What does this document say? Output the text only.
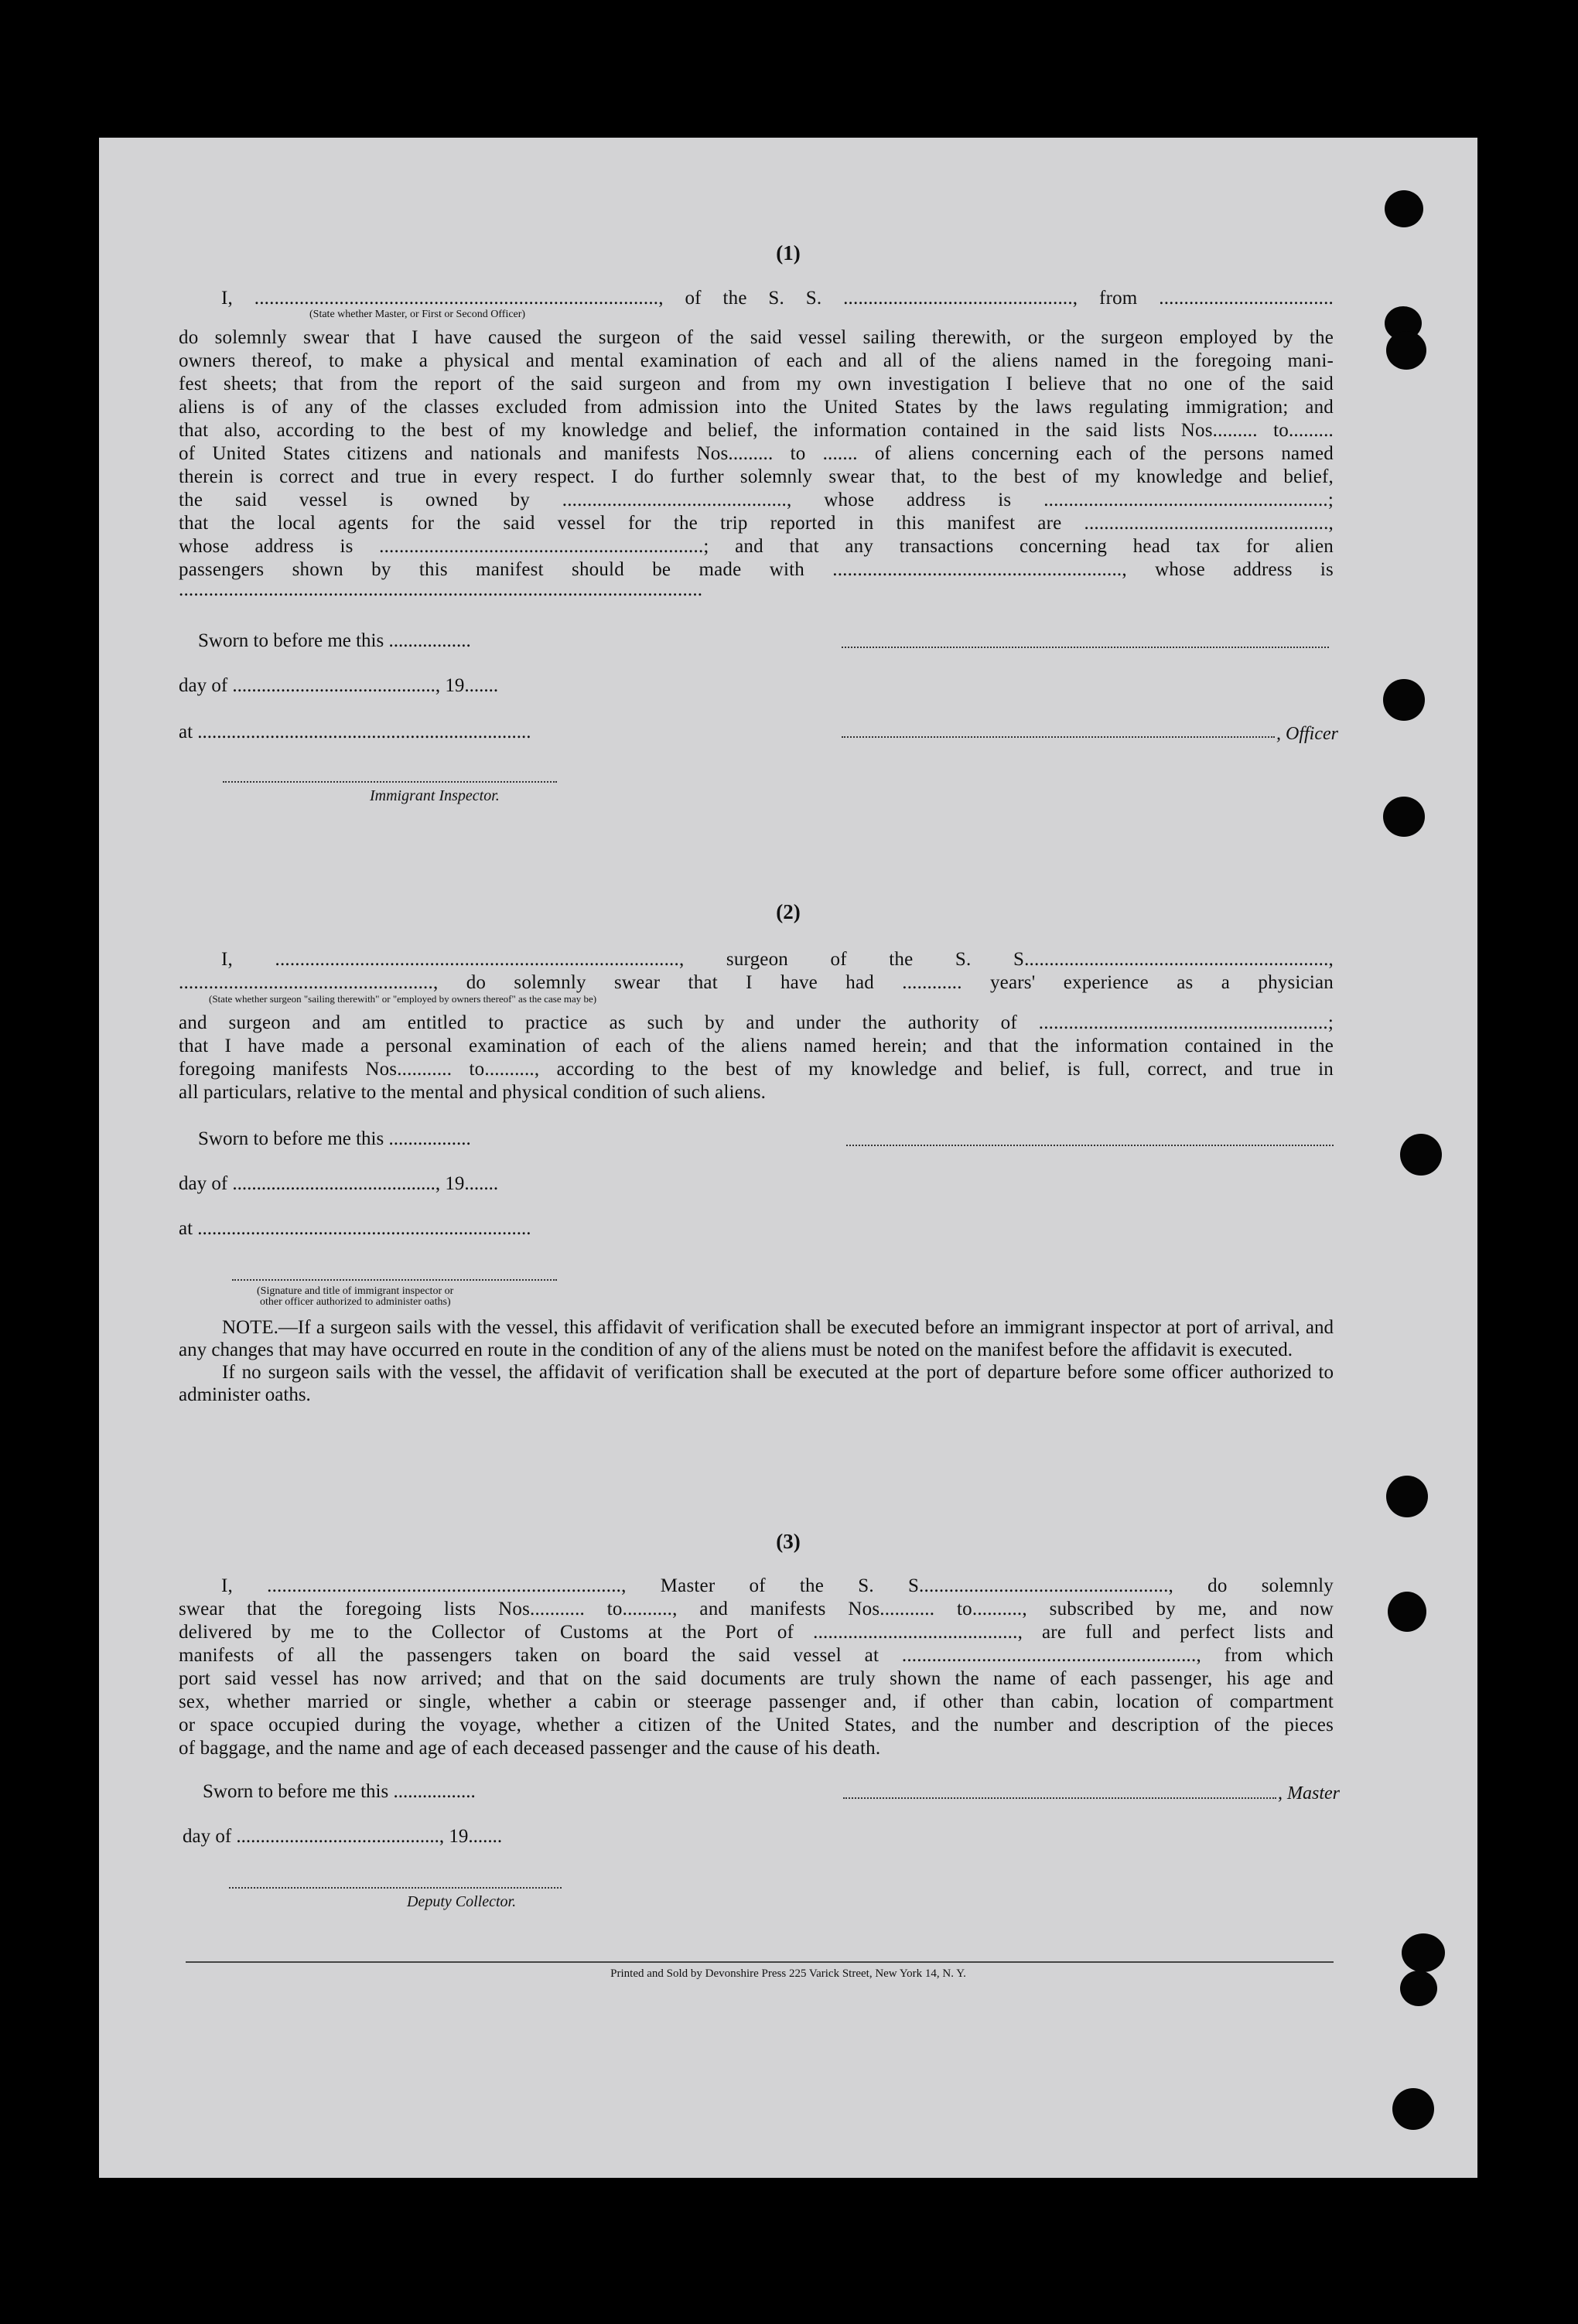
(1)
I, ................................................................................., of the S. S. .............................................., from ...................................
(State whether Master, or First or Second Officer)
do solemnly swear that I have caused the surgeon of the said vessel sailing therewith, or the surgeon employed by the
owners thereof, to make a physical and mental examination of each and all of the aliens named in the foregoing mani-
fest sheets; that from the report of the said surgeon and from my own investigation I believe that no one of the said
aliens is of any of the classes excluded from admission into the United States by the laws regulating immigration; and
that also, according to the best of my knowledge and belief, the information contained in the said lists Nos......... to.........
of United States citizens and nationals and manifests Nos......... to ....... of aliens concerning each of the persons named
therein is correct and true in every respect. I do further solemnly swear that, to the best of my knowledge and belief,
the said vessel is owned by ............................................., whose address is .........................................................;
that the local agents for the said vessel for the trip reported in this manifest are .................................................,
whose address is .................................................................; and that any transactions concerning head tax for alien
passengers shown by this manifest should be made with .........................................................., whose address is
.........................................................................................................
Sworn to before me this .................
day of .........................................., 19.......
at .....................................................................	, Officer
Immigrant Inspector.
(2)
I, ................................................................................., surgeon of the S. S.............................................................,
..................................................., do solemnly swear that I have had ............ years' experience as a physician
(State whether surgeon "sailing therewith" or "employed by owners thereof" as the case may be)
and surgeon and am entitled to practice as such by and under the authority of ..........................................................;
that I have made a personal examination of each of the aliens named herein; and that the information contained in the
foregoing manifests Nos........... to.........., according to the best of my knowledge and belief, is full, correct, and true in
all particulars, relative to the mental and physical condition of such aliens.
Sworn to before me this .................
day of .........................................., 19.......
at .....................................................................
(Signature and title of immigrant inspector or
other officer authorized to administer oaths)

NOTE.—If a surgeon sails with the vessel, this affidavit of verification shall be executed before an immigrant inspector at port of arrival, and any changes that may have occurred en route in the condition of any of the aliens must be noted on the manifest before the affidavit is executed.

If no surgeon sails with the vessel, the affidavit of verification shall be executed at the port of departure before some officer authorized to administer oaths.

(3)
I, ......................................................................., Master of the S. S.................................................., do solemnly
swear that the foregoing lists Nos........... to.........., and manifests Nos........... to.........., subscribed by me, and now
delivered by me to the Collector of Customs at the Port of ........................................., are full and perfect lists and
manifests of all the passengers taken on board the said vessel at ..........................................................., from which
port said vessel has now arrived; and that on the said documents are truly shown the name of each passenger, his age and
sex, whether married or single, whether a cabin or steerage passenger and, if other than cabin, location of compartment
or space occupied during the voyage, whether a citizen of the United States, and the number and description of the pieces
of baggage, and the name and age of each deceased passenger and the cause of his death.
Sworn to before me this .................	, Master
day of .........................................., 19.......
Deputy Collector.
Printed and Sold by Devonshire Press 225 Varick Street, New York 14, N. Y.
